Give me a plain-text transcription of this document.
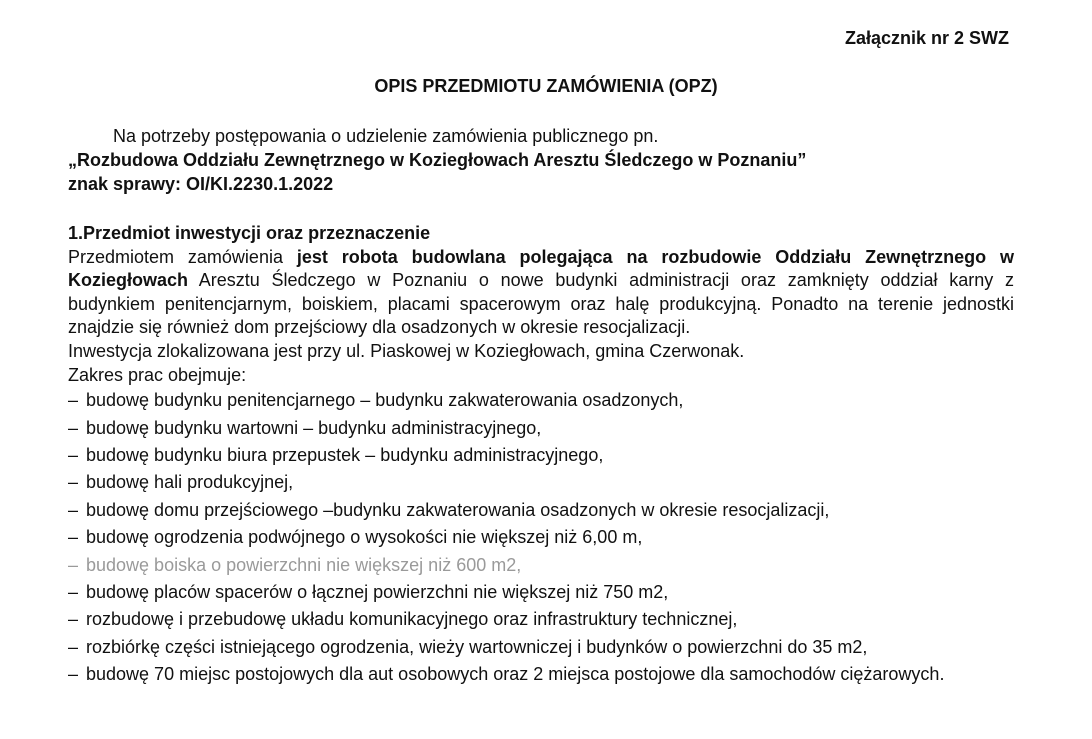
Załącznik nr 2 SWZ
OPIS PRZEDMIOTU ZAMÓWIENIA (OPZ)
Na potrzeby postępowania o udzielenie zamówienia publicznego pn.
„Rozbudowa Oddziału Zewnętrznego w Koziegłowach Aresztu Śledczego w Poznaniu”
znak sprawy: OI/KI.2230.1.2022
1.Przedmiot inwestycji oraz przeznaczenie
Przedmiotem zamówienia jest robota budowlana polegająca na rozbudowie Oddziału Zewnętrznego w Koziegłowach Aresztu Śledczego w Poznaniu o nowe budynki administracji oraz zamknięty oddział karny z budynkiem penitencjarnym, boiskiem, placami spacerowym oraz halę produkcyjną. Ponadto na terenie jednostki znajdzie się również dom przejściowy dla osadzonych w okresie resocjalizacji.
Inwestycja zlokalizowana jest przy ul. Piaskowej w Koziegłowach, gmina Czerwonak.
Zakres prac obejmuje:
– budowę budynku penitencjarnego – budynku zakwaterowania osadzonych,
– budowę budynku wartowni – budynku administracyjnego,
– budowę budynku biura przepustek – budynku administracyjnego,
– budowę hali produkcyjnej,
– budowę domu przejściowego –budynku zakwaterowania osadzonych w okresie resocjalizacji,
– budowę ogrodzenia podwójnego o wysokości nie większej niż 6,00 m,
– budowę boiska o powierzchni nie większej niż 600 m2,
– budowę placów spacerów o łącznej powierzchni nie większej niż 750 m2,
– rozbudowę i przebudowę układu komunikacyjnego oraz infrastruktury technicznej,
– rozbiórkę części istniejącego ogrodzenia, wieży wartowniczej i budynków o powierzchni do 35 m2,
– budowę 70 miejsc postojowych dla aut osobowych oraz 2 miejsca postojowe dla samochodów ciężarowych.
